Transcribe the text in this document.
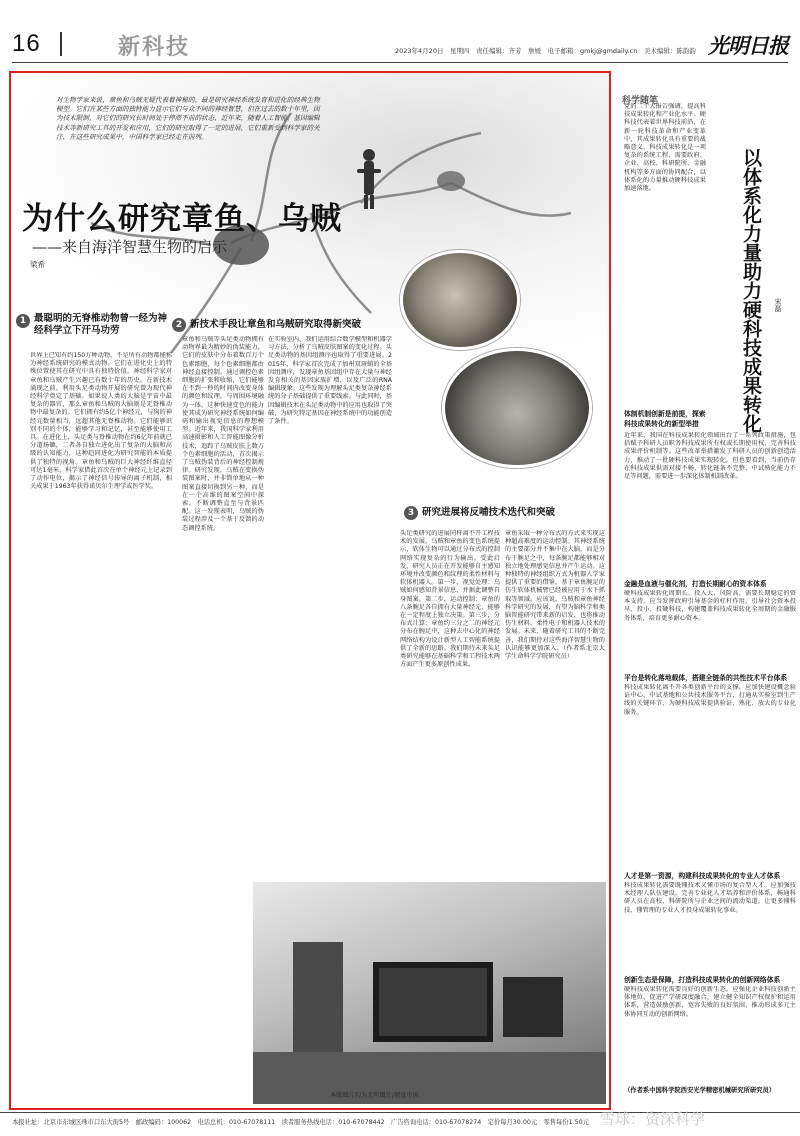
16	新科技	2023年4月20日　星期四　责任编辑：齐芳　詹媛　电子邮箱：gmkj@gmdaily.cn　美术编辑：陈韵韵 光明日报
对生物学家来说，章鱼和乌贼无疑代表着神秘的、最是研究神经系统发育和进化的经典生物模型。它们在某些方面的独特能力显示它们与众不同的神经智慧，但在过去的数十年里，因为技术限制，对它们的研究长时间处于停滞不前的状态，近年来，随着人工智能、基因编辑技术等新研究工具的开发和应用，它们的研究取得了一定的进展，它们重新受到科学家的关注，在这些研究成果中，中国科学家已经走在前列。
为什么研究章鱼、乌贼
——来自海洋智慧生物的启示
梁希
1 最聪明的无脊椎动物曾一经为神经科学立下汗马功劳
世界上已知有约150万种动物，不是所有动物都能称为神经系统研究的模式动物。它们在进化史上的特殊位置使其在研究中具有独特价值。神经科学家对章鱼和乌贼产生兴趣已有数十年的历史。在新技术涌现之前，利用头足类动物开展的研究曾为现代神经科学奠定了基础。如果说人类的大脑是宇宙中最复杂的器官，那么章鱼和乌贼的大脑则是无脊椎动物中最复杂的。它们拥有约5亿个神经元，与狗的神经元数量相当，远超其他无脊椎动物。它们能够识别不同的个体，能够学习和记忆，甚至能够使用工具。在进化上，头足类与脊椎动物在约6亿年前就已分道扬镳，二者各自独立进化出了复杂的大脑和高级的认知能力，这种趋同进化为研究智能的本质提供了独特的视角。章鱼和乌贼的巨大神经纤维直径可达1毫米，科学家借此首次在单个神经元上记录到了动作电位，揭示了神经信号传导的离子机制，相关成果于1963年获得诺贝尔生理学或医学奖。
2 新技术手段让章鱼和乌贼研究取得新突破
章鱼和乌贼等头足类动物拥有动物界最为精妙的伪装能力，它们的皮肤中分布着数百万个色素细胞，每个色素细胞都由神经直接控制。通过调控色素细胞的扩张和收缩，它们能够在不到一秒的时间内改变身体的颜色和纹理，与周围环境融为一体。这种快速变色的能力使其成为研究神经系统如何编码和输出视觉信息的理想模型。近年来，我国科学家利用高速摄影和人工智能图像分析技术，追踪了乌贼皮肤上数万个色素细胞的活动，首次揭示了乌贼伪装背后的神经控制规律。研究发现，乌贼在变换伪装图案时，并非简单地从一种图案直接切换到另一种，而是在一个高维的图案空间中探索，不断调整直至与背景匹配。这一发现表明，乌贼的伪装过程涉及一个基于反馈的动态调控系统。
在实验室内，我们运用综合数学模型和机器学习方法，分析了乌贼皮肤图案的变化过程。头足类动物的基因组测序也取得了重要进展。2015年，科学家首次完成了加州双斑蛸的全基因组测序，发现章鱼基因组中存在大量与神经发育相关的基因家族扩增，以及广泛的RNA编辑现象。这些发现为理解头足类复杂神经系统的分子基础提供了重要线索。与此同时，基因编辑技术在头足类动物中的应用也取得了突破，为研究特定基因在神经系统中的功能创造了条件。
3 研究进展将反哺技术迭代和突破
头足类研究的进展同样离不开工程技术的发展。乌贼和章鱼的变色系统提示，软体生物可以通过分布式的控制网络实现复杂的行为输出。受此启发，研究人员正在开发能够自主感知环境并改变颜色和纹理的柔性材料与软体机器人。第一步，视觉处理：乌贼如何感知背景信息，并据此调整自身图案。第二步，运动控制：章鱼的八条腕足各自拥有大量神经元，能够在一定程度上独立决策。第三步，分布式计算：章鱼约三分之二的神经元分布在腕足中，这种去中心化的神经网络结构为设计新型人工智能系统提供了全新的思路。我们期待未来头足类研究能够在基础科学和工程技术两方面产生更多原创性成果。
章鱼采取一种分布式的方式来实现这种超高难度的运动控制。其神经系统的主要部分并不集中在大脑，而是分布于腕足之中，每条腕足都能够相对独立地处理感觉信息并产生运动。这种独特的神经组织方式为机器人学家提供了重要的借鉴，基于章鱼腕足的仿生软体机械臂已经被应用于水下抓取等领域。应该说，乌贼和章鱼神经科学研究的发展，有望为脑科学和类脑智能研究带来新的启发，也将推动仿生材料、柔性电子和机器人技术的发展。未来，随着研究工具的不断完善，我们期待对这些海洋智慧生物的认识能够更加深入。（作者系北京大学生命科学学院研究员）
本版图片均为光明图片/视觉中国
科学随笔
党的二十大报告强调，提高科技成果转化和产业化水平。硬科技代表着世界科技前沿，在新一轮科技革命和产业变革中，其成果转化具有重要的战略意义。科技成果转化是一项复杂的系统工程，需要政府、企业、高校、科研院所、金融机构等多方面的协同配合，以体系化的力量推动硬科技成果加速落地。	以体系化力量助力硬科技成果转化 宋磊
体制机制创新是前提，探索科技成果转化的新型举措
近年来，我国在科技成果转化领域出台了一系列政策措施，包括赋予科研人员职务科技成果所有权或长期使用权、完善科技成果评价机制等。这些改革举措激发了科研人员的创新创造活力，推动了一批硬科技成果实现转化。但也要看到，当前仍存在科技成果供需对接不畅、转化链条不完整、中试熟化能力不足等问题，需要进一步深化体制机制改革。
金融是血液与催化剂，打造长期耐心的资本体系
硬科技成果转化周期长、投入大、风险高，需要长期稳定的资本支持。应当发挥政府引导基金的杠杆作用，引导社会资本投早、投小、投硬科技，构建覆盖科技成果转化全周期的金融服务体系，培育更多耐心资本。
平台是转化落地载体，搭建全链条的共性技术平台体系
科技成果转化离不开各类创新平台的支撑。应加快建设概念验证中心、中试基地和公共技术服务平台，打通从实验室到生产线的关键环节，为硬科技成果提供验证、熟化、放大的专业化服务。
人才是第一资源，构建科技成果转化的专业人才体系
科技成果转化需要既懂技术又懂市场的复合型人才。应加强技术经理人队伍建设，完善专业化人才培养和评价体系，畅通科研人员在高校、科研院所与企业之间的流动渠道，让更多懂科技、懂管理的专业人才投身成果转化事业。
创新生态是保障，打造科技成果转化的创新网络体系
硬科技成果转化需要良好的创新生态。应强化企业科技创新主体地位，促进产学研深度融合，建立健全知识产权保护和运用体系，营造鼓励创新、宽容失败的良好氛围，推动形成多元主体协同互动的创新网络。
（作者系中国科学院西安光学精密机械研究所研究员）
本报社址：北京市东城区珠市口东大街5号　邮政编码：100062　电话总机：010-67078111　读者服务热线电话：010-67078442　广告咨询电话：010-67078274　定价每月30.00元　零售每份1.50元 雪球：资深科学
